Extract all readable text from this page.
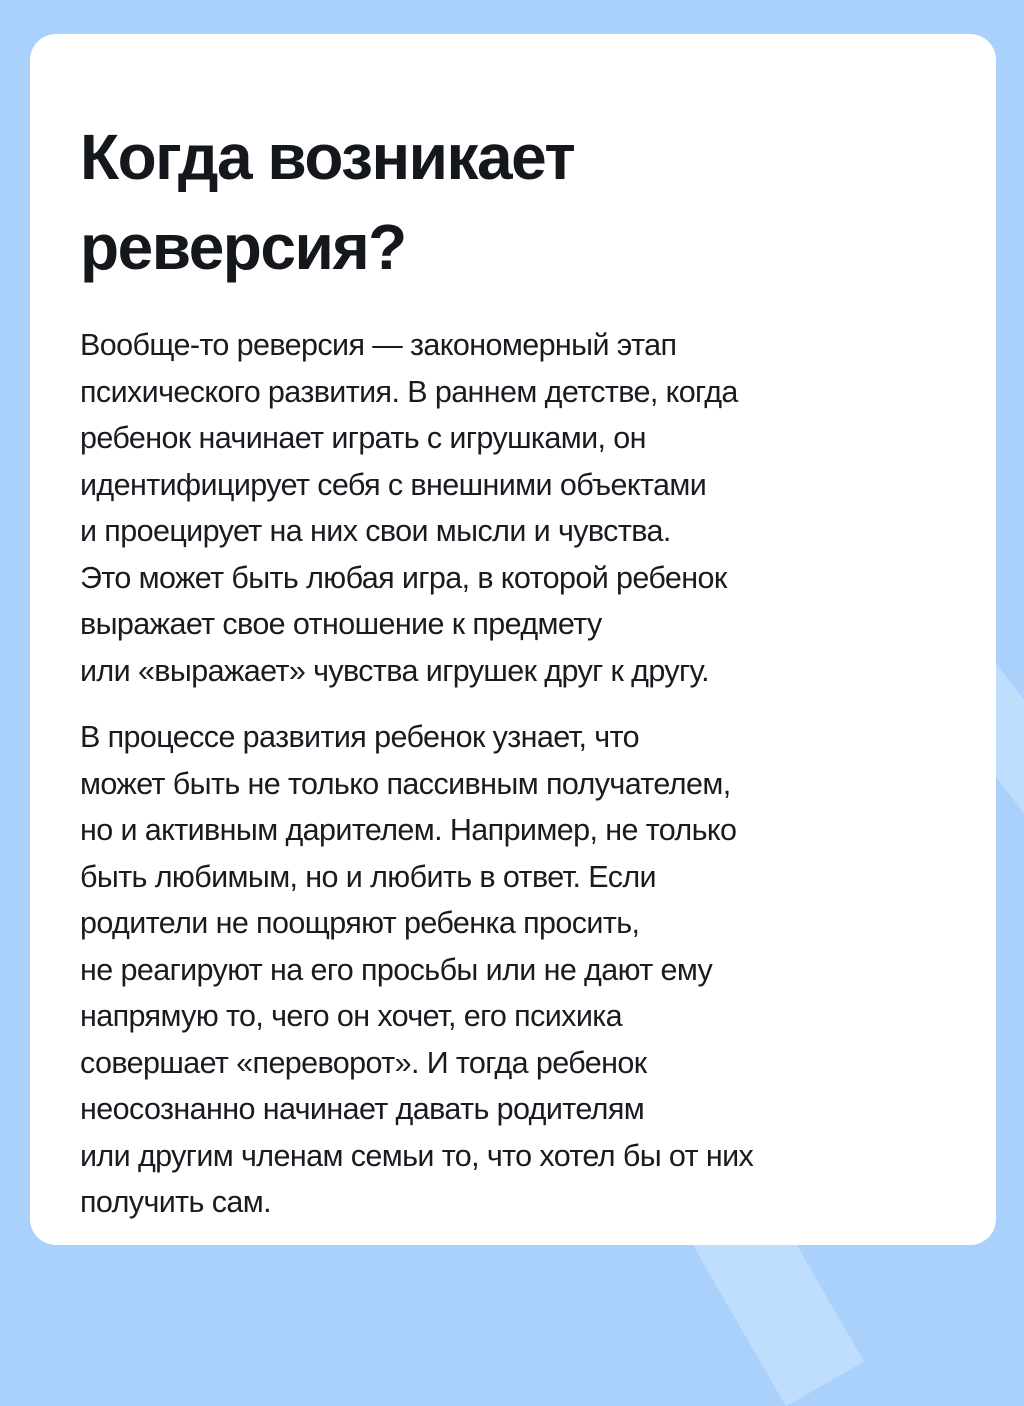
Когда возникает
реверсия?

Вообще-то реверсия — закономерный этап
психического развития. В раннем детстве, когда
ребенок начинает играть с игрушками, он
идентифицирует себя с внешними объектами
и проецирует на них свои мысли и чувства.
Это может быть любая игра, в которой ребенок
выражает свое отношение к предмету
или «выражает» чувства игрушек друг к другу.

В процессе развития ребенок узнает, что
может быть не только пассивным получателем,
но и активным дарителем. Например, не только
быть любимым, но и любить в ответ. Если
родители не поощряют ребенка просить,
не реагируют на его просьбы или не дают ему
напрямую то, чего он хочет, его психика
совершает «переворот». И тогда ребенок
неосознанно начинает давать родителям
или другим членам семьи то, что хотел бы от них
получить сам.
